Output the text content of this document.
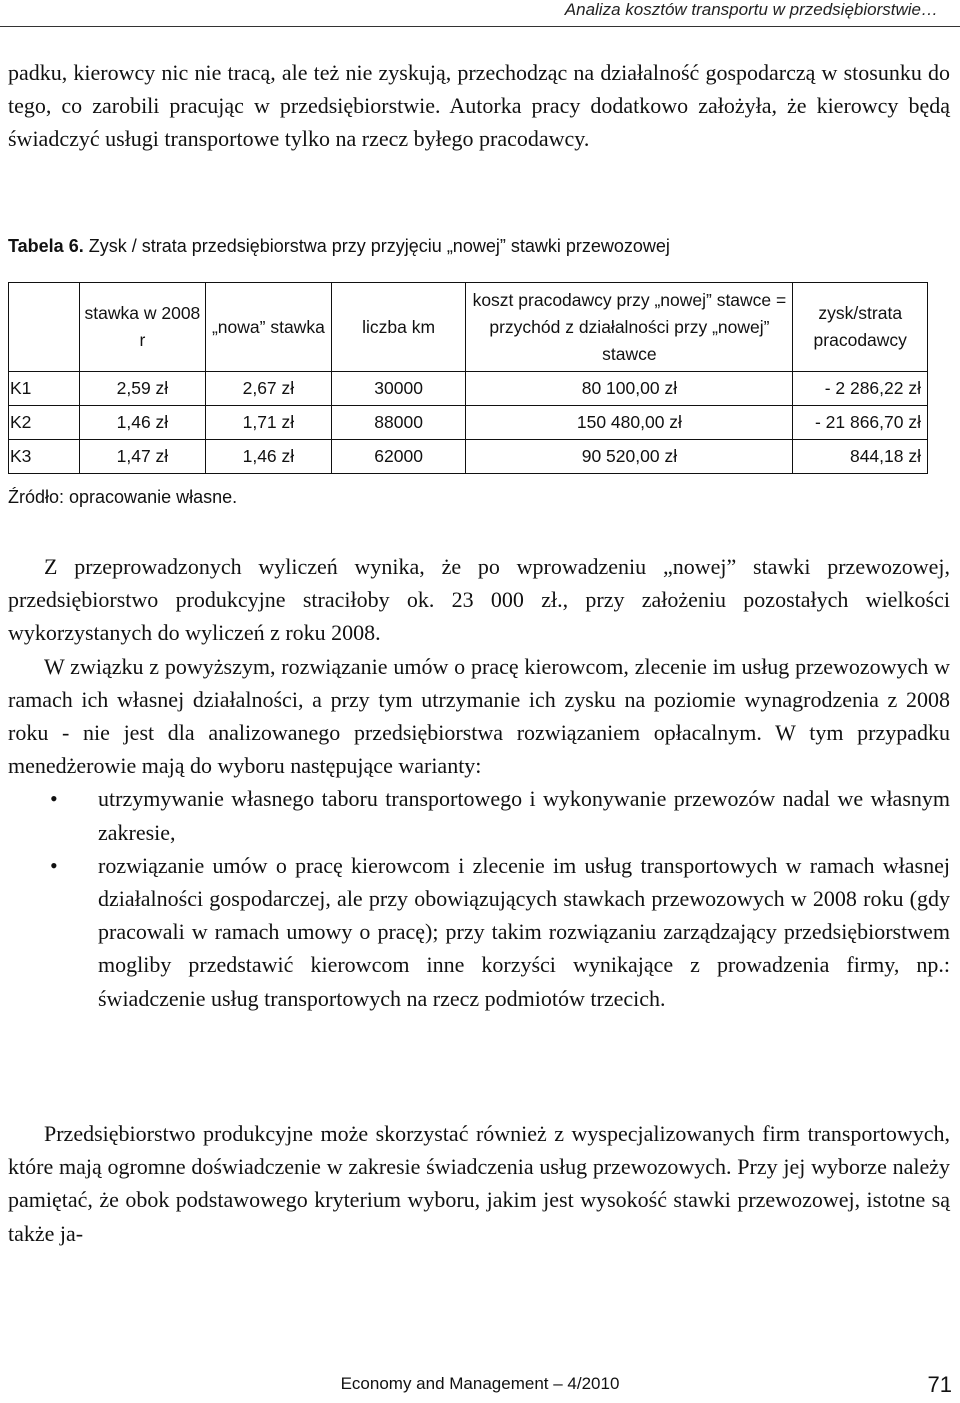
Analiza kosztów transportu w przedsiębiorstwie…

padku, kierowcy nic nie tracą, ale też nie zyskują, przechodząc na działalność gospodarczą w stosunku do tego, co zarobili pracując w przedsiębiorstwie. Autorka pracy dodatkowo założyła, że kierowcy będą świadczyć usługi transportowe tylko na rzecz byłego pracodawcy.

Tabela 6. Zysk / strata przedsiębiorstwa przy przyjęciu „nowej” stawki przewozowej
	stawka w 2008 r	„nowa” stawka	liczba km	koszt pracodawcy przy „nowej” stawce = przychód z działalności przy „nowej” stawce	zysk/strata pracodawcy
K1	2,59 zł	2,67 zł	30000	80 100,00 zł	- 2 286,22 zł
K2	1,46 zł	1,71 zł	88000	150 480,00 zł	- 21 866,70 zł
K3	1,47 zł	1,46 zł	62000	90 520,00 zł	844,18 zł
Źródło: opracowanie własne.

Z przeprowadzonych wyliczeń wynika, że po wprowadzeniu „nowej” stawki przewozowej, przedsiębiorstwo produkcyjne straciłoby ok. 23 000 zł., przy założeniu pozostałych wielkości wykorzystanych do wyliczeń z roku 2008.

W związku z powyższym, rozwiązanie umów o pracę kierowcom, zlecenie im usług przewozowych w ramach ich własnej działalności, a przy tym utrzymanie ich zysku na poziomie wynagrodzenia z 2008 roku - nie jest dla analizowanego przedsiębiorstwa rozwiązaniem opłacalnym. W tym przypadku menedżerowie mają do wyboru następujące warianty:

• utrzymywanie własnego taboru transportowego i wykonywanie przewozów nadal we własnym zakresie,
• rozwiązanie umów o pracę kierowcom i zlecenie im usług transportowych w ramach własnej działalności gospodarczej, ale przy obowiązujących stawkach przewozowych w 2008 roku (gdy pracowali w ramach umowy o pracę); przy takim rozwiązaniu zarządzający przedsiębiorstwem mogliby przedstawić kierowcom inne korzyści wynikające z prowadzenia firmy, np.: świadczenie usług transportowych na rzecz podmiotów trzecich.

Przedsiębiorstwo produkcyjne może skorzystać również z wyspecjalizowanych firm transportowych, które mają ogromne doświadczenie w zakresie świadczenia usług przewozowych. Przy jej wyborze należy pamiętać, że obok podstawowego kryterium wyboru, jakim jest wysokość stawki przewozowej, istotne są także ja-

Economy and Management – 4/2010	71
